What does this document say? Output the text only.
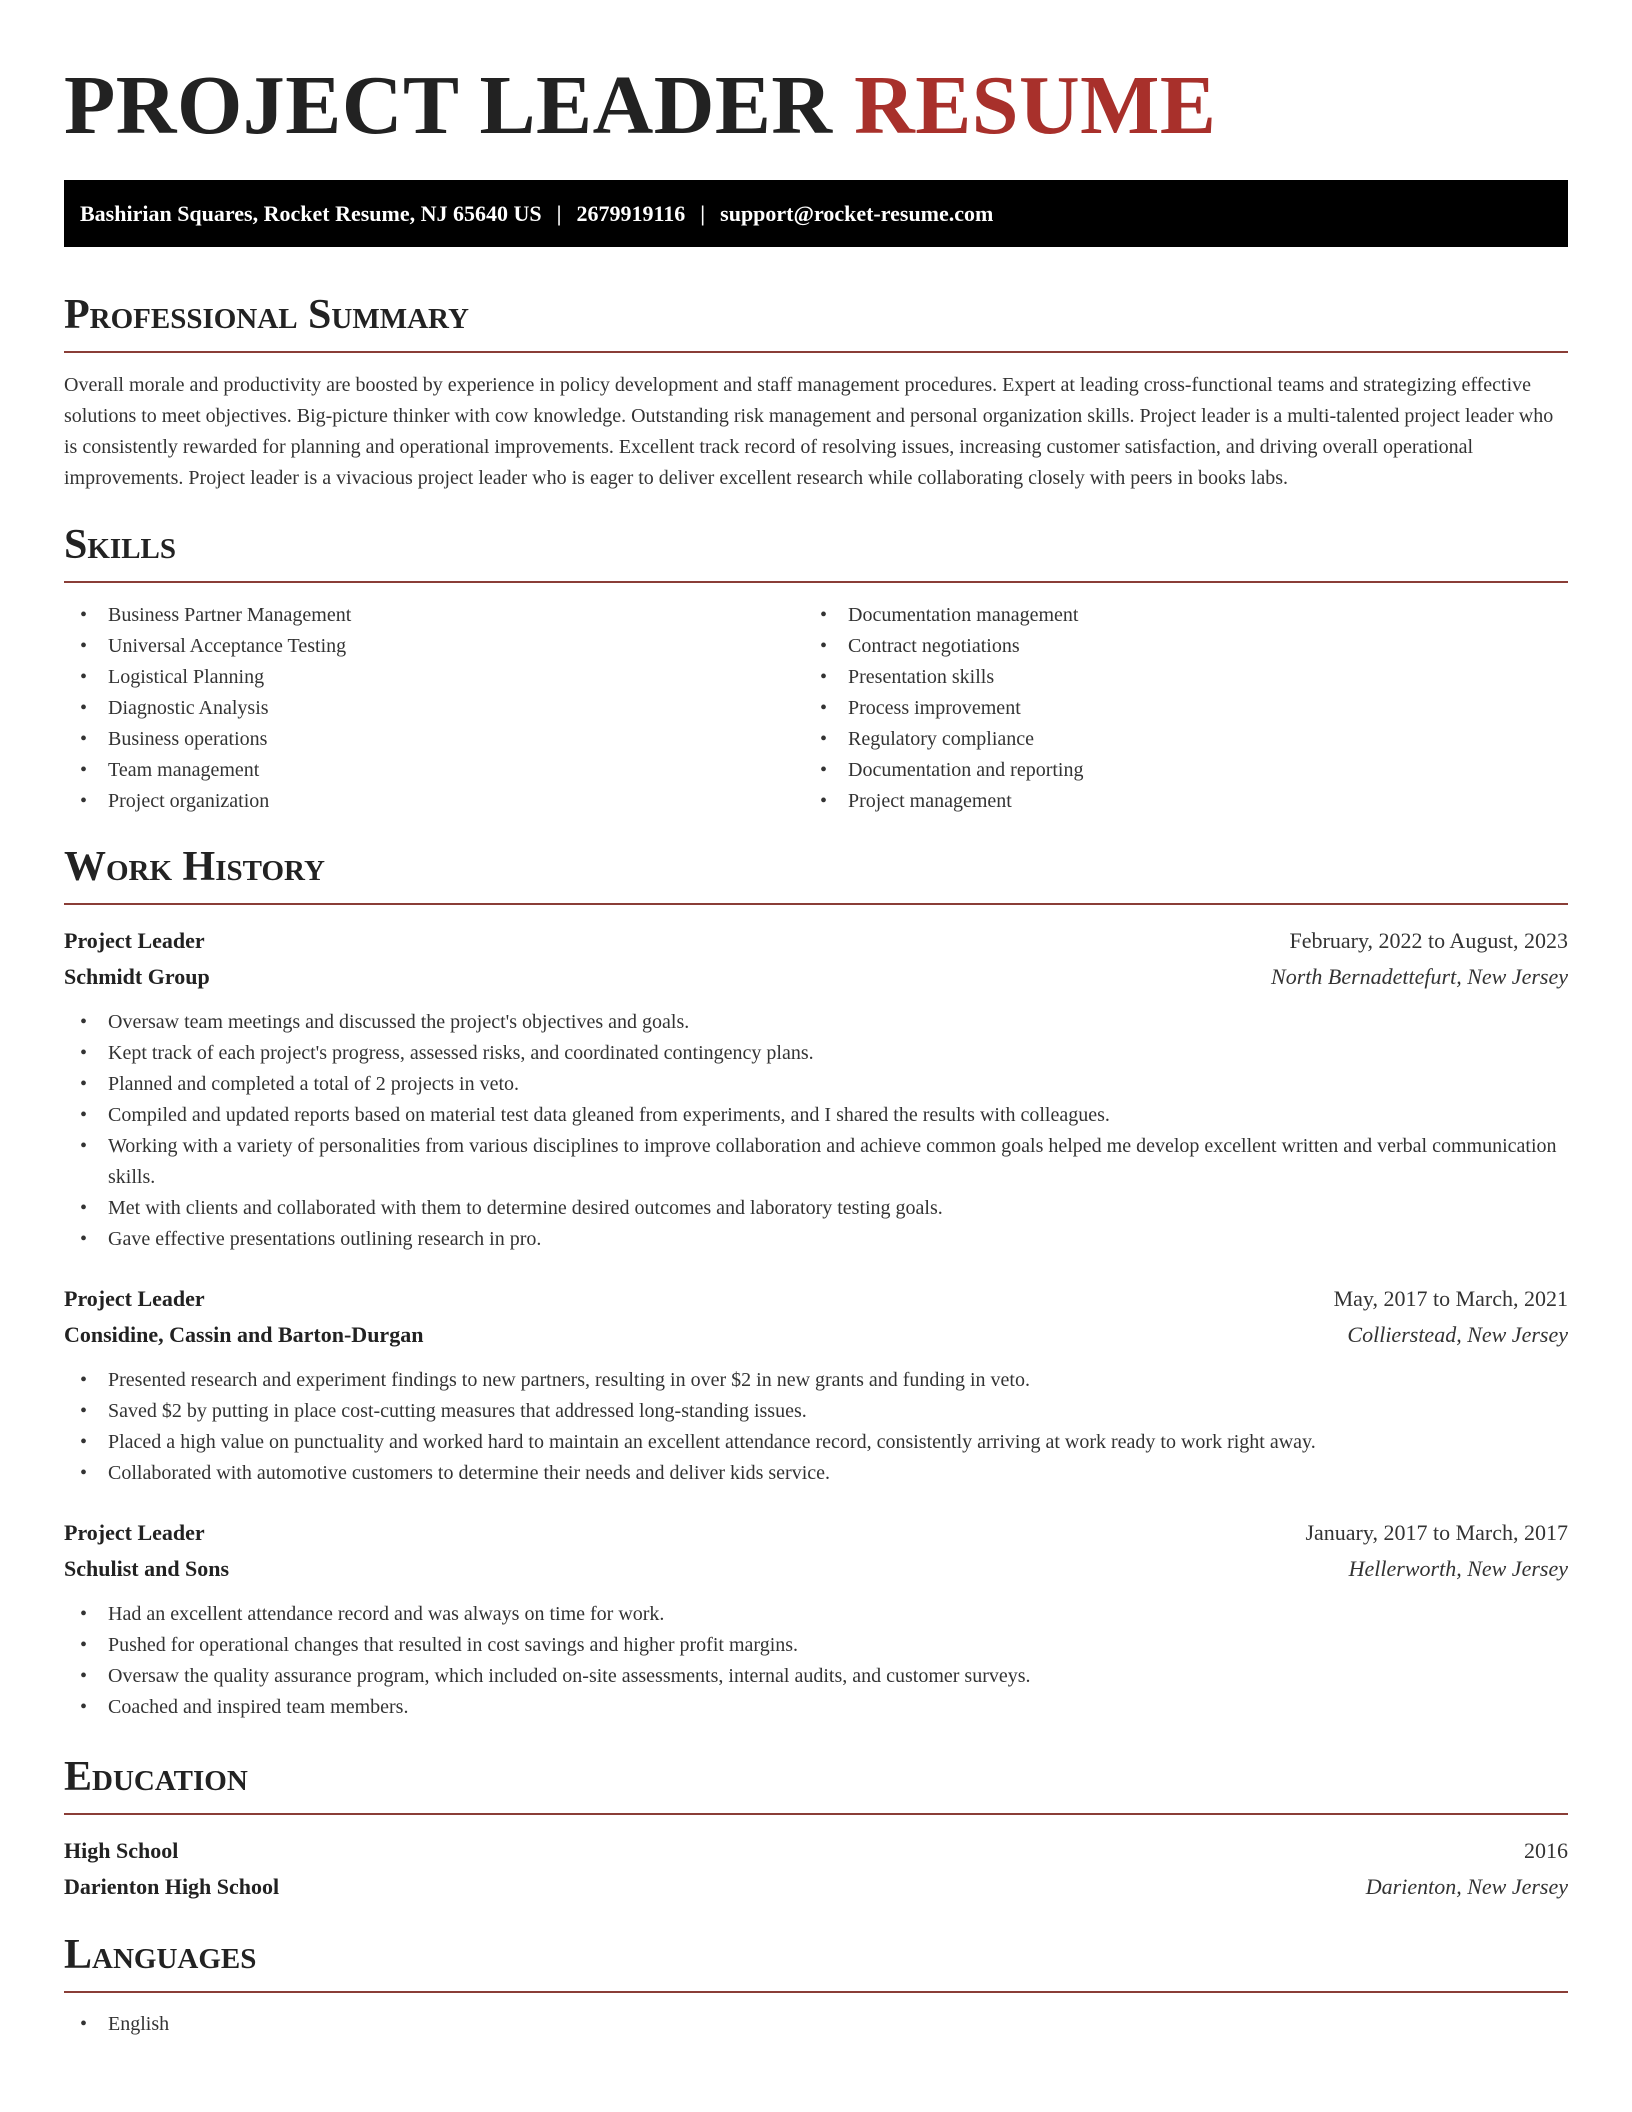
PROJECT LEADER RESUME
Bashirian Squares, Rocket Resume, NJ 65640 US | 2679919116 | support@rocket-resume.com
Professional Summary

Overall morale and productivity are boosted by experience in policy development and staff management procedures. Expert at leading cross-functional teams and strategizing effective solutions to meet objectives. Big-picture thinker with cow knowledge. Outstanding risk management and personal organization skills. Project leader is a multi-talented project leader who is consistently rewarded for planning and operational improvements. Excellent track record of resolving issues, increasing customer satisfaction, and driving overall operational improvements. Project leader is a vivacious project leader who is eager to deliver excellent research while collaborating closely with peers in books labs.

Skills
• Business Partner Management
• Universal Acceptance Testing
• Logistical Planning
• Diagnostic Analysis
• Business operations
• Team management
• Project organization
• Documentation management
• Contract negotiations
• Presentation skills
• Process improvement
• Regulatory compliance
• Documentation and reporting
• Project management
Work History
Project Leader	February, 2022 to August, 2023
Schmidt Group	North Bernadettefurt, New Jersey
• Oversaw team meetings and discussed the project's objectives and goals.
• Kept track of each project's progress, assessed risks, and coordinated contingency plans.
• Planned and completed a total of 2 projects in veto.
• Compiled and updated reports based on material test data gleaned from experiments, and I shared the results with colleagues.
• Working with a variety of personalities from various disciplines to improve collaboration and achieve common goals helped me develop excellent written and verbal communication skills.
• Met with clients and collaborated with them to determine desired outcomes and laboratory testing goals.
• Gave effective presentations outlining research in pro.
Project Leader	May, 2017 to March, 2021
Considine, Cassin and Barton-Durgan	Collierstead, New Jersey
• Presented research and experiment findings to new partners, resulting in over $2 in new grants and funding in veto.
• Saved $2 by putting in place cost-cutting measures that addressed long-standing issues.
• Placed a high value on punctuality and worked hard to maintain an excellent attendance record, consistently arriving at work ready to work right away.
• Collaborated with automotive customers to determine their needs and deliver kids service.
Project Leader	January, 2017 to March, 2017
Schulist and Sons	Hellerworth, New Jersey
• Had an excellent attendance record and was always on time for work.
• Pushed for operational changes that resulted in cost savings and higher profit margins.
• Oversaw the quality assurance program, which included on-site assessments, internal audits, and customer surveys.
• Coached and inspired team members.
Education
High School	2016
Darienton High School	Darienton, New Jersey
Languages
• English
